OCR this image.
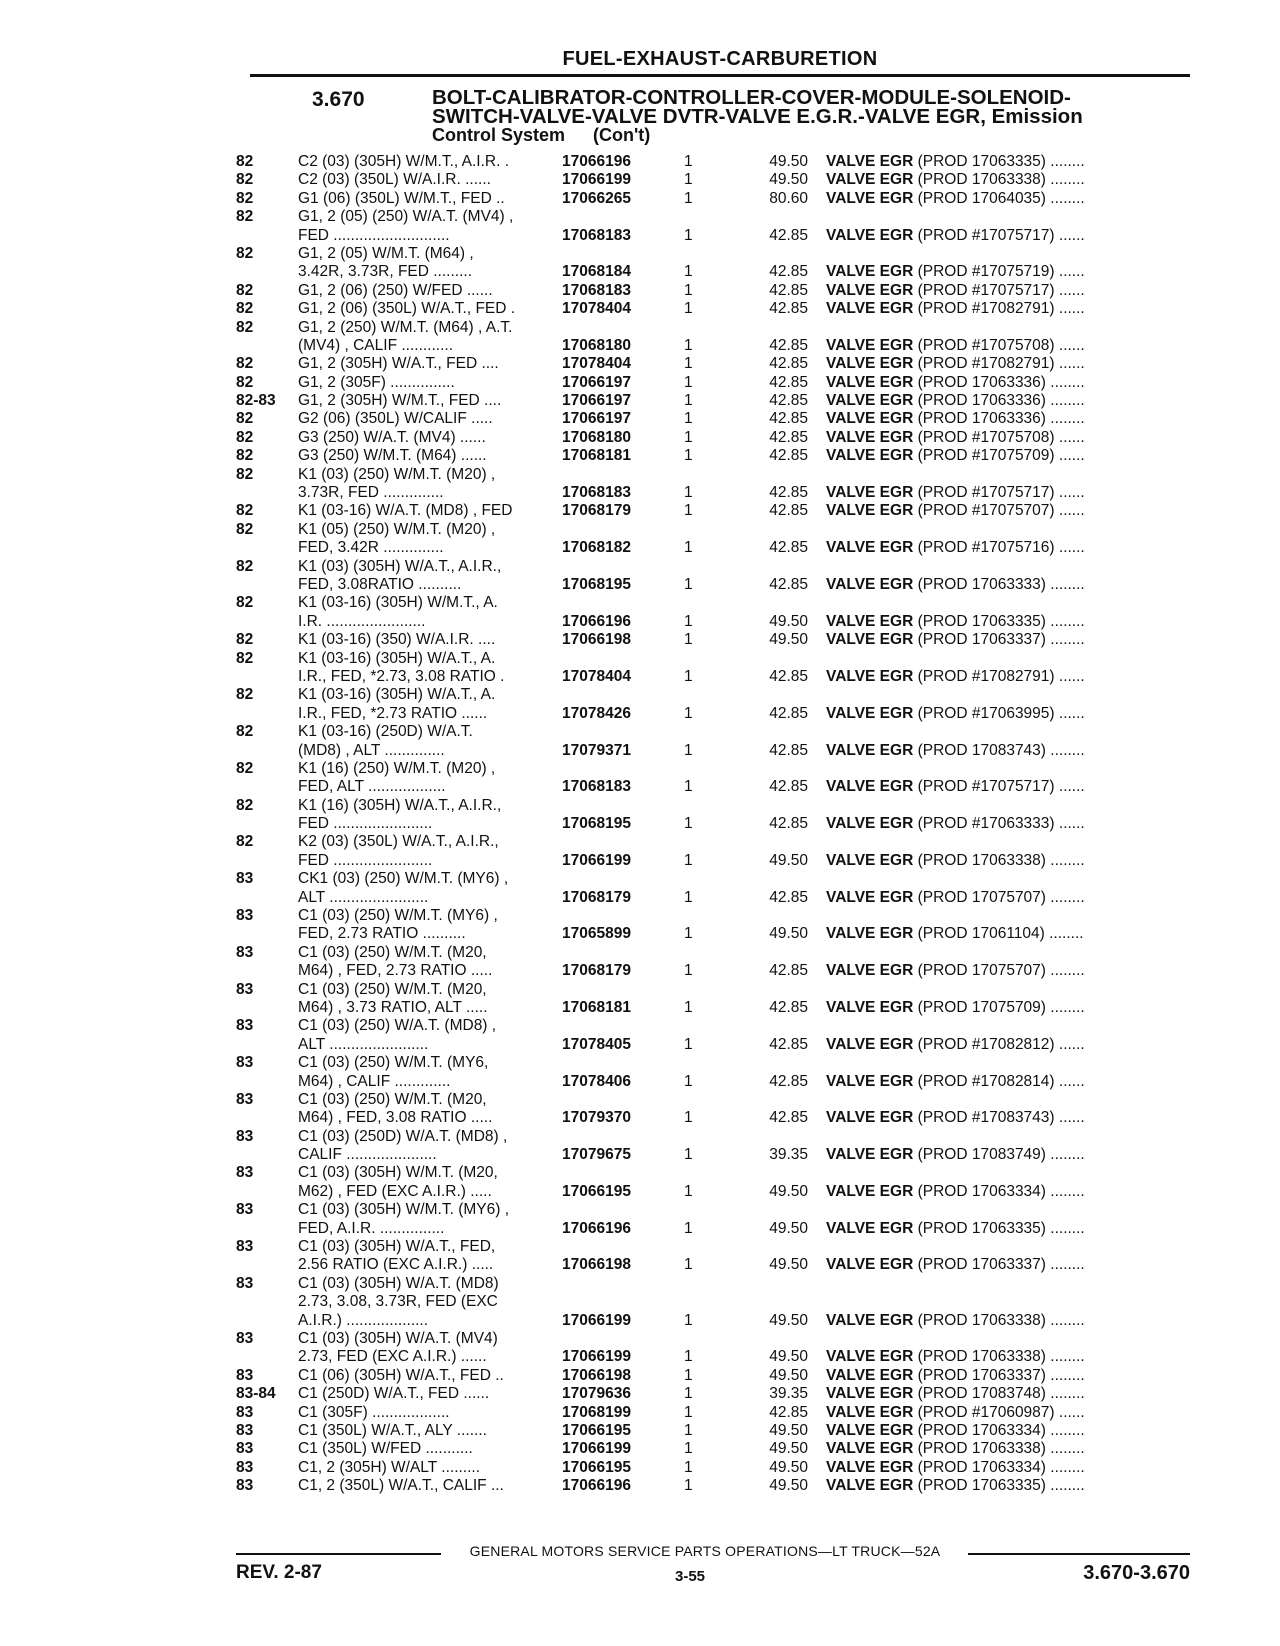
FUEL-EXHAUST-CARBURETION
3.670	BOLT-CALIBRATOR-CONTROLLER-COVER-MODULE-SOLENOID-
SWITCH-VALVE-VALVE DVTR-VALVE E.G.R.-VALVE EGR, Emission
Control System (Con't)
82	C2 (03) (305H) W/M.T., A.I.R. .	17066196	1	49.50 VALVE EGR (PROD 17063335) ........
82	C2 (03) (350L) W/A.I.R. ......	17066199	1	49.50 VALVE EGR (PROD 17063338) ........
82	G1 (06) (350L) W/M.T., FED ..	17066265	1	80.60 VALVE EGR (PROD 17064035) ........
82	G1, 2 (05) (250) W/A.T. (MV4) ,
FED ...........................	17068183	1	42.85 VALVE EGR (PROD #17075717) ......
82	G1, 2 (05) W/M.T. (M64) ,
3.42R, 3.73R, FED .........	17068184	1	42.85 VALVE EGR (PROD #17075719) ......
82	G1, 2 (06) (250) W/FED ......	17068183	1	42.85 VALVE EGR (PROD #17075717) ......
82	G1, 2 (06) (350L) W/A.T., FED .	17078404	1	42.85 VALVE EGR (PROD #17082791) ......
82	G1, 2 (250) W/M.T. (M64) , A.T.
(MV4) , CALIF ............	17068180	1	42.85 VALVE EGR (PROD #17075708) ......
82	G1, 2 (305H) W/A.T., FED ....	17078404	1	42.85 VALVE EGR (PROD #17082791) ......
82	G1, 2 (305F) ...............	17066197	1	42.85 VALVE EGR (PROD 17063336) ........
82-83	G1, 2 (305H) W/M.T., FED ....	17066197	1	42.85 VALVE EGR (PROD 17063336) ........
82	G2 (06) (350L) W/CALIF .....	17066197	1	42.85 VALVE EGR (PROD 17063336) ........
82	G3 (250) W/A.T. (MV4) ......	17068180	1	42.85 VALVE EGR (PROD #17075708) ......
82	G3 (250) W/M.T. (M64) ......	17068181	1	42.85 VALVE EGR (PROD #17075709) ......
82	K1 (03) (250) W/M.T. (M20) ,
3.73R, FED ..............	17068183	1	42.85 VALVE EGR (PROD #17075717) ......
82	K1 (03-16) W/A.T. (MD8) , FED	17068179	1	42.85 VALVE EGR (PROD #17075707) ......
82	K1 (05) (250) W/M.T. (M20) ,
FED, 3.42R ..............	17068182	1	42.85 VALVE EGR (PROD #17075716) ......
82	K1 (03) (305H) W/A.T., A.I.R.,
FED, 3.08RATIO ..........	17068195	1	42.85 VALVE EGR (PROD 17063333) ........
82	K1 (03-16) (305H) W/M.T., A.
I.R. .......................	17066196	1	49.50 VALVE EGR (PROD 17063335) ........
82	K1 (03-16) (350) W/A.I.R. ....	17066198	1	49.50 VALVE EGR (PROD 17063337) ........
82	K1 (03-16) (305H) W/A.T., A.
I.R., FED, *2.73, 3.08 RATIO .	17078404	1	42.85 VALVE EGR (PROD #17082791) ......
82	K1 (03-16) (305H) W/A.T., A.
I.R., FED, *2.73 RATIO ......	17078426	1	42.85 VALVE EGR (PROD #17063995) ......
82	K1 (03-16) (250D) W/A.T.
(MD8) , ALT ..............	17079371	1	42.85 VALVE EGR (PROD 17083743) ........
82	K1 (16) (250) W/M.T. (M20) ,
FED, ALT ..................	17068183	1	42.85 VALVE EGR (PROD #17075717) ......
82	K1 (16) (305H) W/A.T., A.I.R.,
FED .......................	17068195	1	42.85 VALVE EGR (PROD #17063333) ......
82	K2 (03) (350L) W/A.T., A.I.R.,
FED .......................	17066199	1	49.50 VALVE EGR (PROD 17063338) ........
83	CK1 (03) (250) W/M.T. (MY6) ,
ALT .......................	17068179	1	42.85 VALVE EGR (PROD 17075707) ........
83	C1 (03) (250) W/M.T. (MY6) ,
FED, 2.73 RATIO ..........	17065899	1	49.50 VALVE EGR (PROD 17061104) ........
83	C1 (03) (250) W/M.T. (M20,
M64) , FED, 2.73 RATIO .....	17068179	1	42.85 VALVE EGR (PROD 17075707) ........
83	C1 (03) (250) W/M.T. (M20,
M64) , 3.73 RATIO, ALT .....	17068181	1	42.85 VALVE EGR (PROD 17075709) ........
83	C1 (03) (250) W/A.T. (MD8) ,
ALT .......................	17078405	1	42.85 VALVE EGR (PROD #17082812) ......
83	C1 (03) (250) W/M.T. (MY6,
M64) , CALIF .............	17078406	1	42.85 VALVE EGR (PROD #17082814) ......
83	C1 (03) (250) W/M.T. (M20,
M64) , FED, 3.08 RATIO .....	17079370	1	42.85 VALVE EGR (PROD #17083743) ......
83	C1 (03) (250D) W/A.T. (MD8) ,
CALIF .....................	17079675	1	39.35 VALVE EGR (PROD 17083749) ........
83	C1 (03) (305H) W/M.T. (M20,
M62) , FED (EXC A.I.R.) .....	17066195	1	49.50 VALVE EGR (PROD 17063334) ........
83	C1 (03) (305H) W/M.T. (MY6) ,
FED, A.I.R. ...............	17066196	1	49.50 VALVE EGR (PROD 17063335) ........
83	C1 (03) (305H) W/A.T., FED,
2.56 RATIO (EXC A.I.R.) .....	17066198	1	49.50 VALVE EGR (PROD 17063337) ........
83	C1 (03) (305H) W/A.T. (MD8)
2.73, 3.08, 3.73R, FED (EXC
A.I.R.) ...................	17066199	1	49.50 VALVE EGR (PROD 17063338) ........
83	C1 (03) (305H) W/A.T. (MV4)
2.73, FED (EXC A.I.R.) ......	17066199	1	49.50 VALVE EGR (PROD 17063338) ........
83	C1 (06) (305H) W/A.T., FED ..	17066198	1	49.50 VALVE EGR (PROD 17063337) ........
83-84	C1 (250D) W/A.T., FED ......	17079636	1	39.35 VALVE EGR (PROD 17083748) ........
83	C1 (305F) ..................	17068199	1	42.85 VALVE EGR (PROD #17060987) ......
83	C1 (350L) W/A.T., ALY .......	17066195	1	49.50 VALVE EGR (PROD 17063334) ........
83	C1 (350L) W/FED ...........	17066199	1	49.50 VALVE EGR (PROD 17063338) ........
83	C1, 2 (305H) W/ALT .........	17066195	1	49.50 VALVE EGR (PROD 17063334) ........
83	C1, 2 (350L) W/A.T., CALIF ...	17066196	1	49.50 VALVE EGR (PROD 17063335) ........
GENERAL MOTORS SERVICE PARTS OPERATIONS—LT TRUCK—52A
REV. 2-87	3-55	3.670-3.670
